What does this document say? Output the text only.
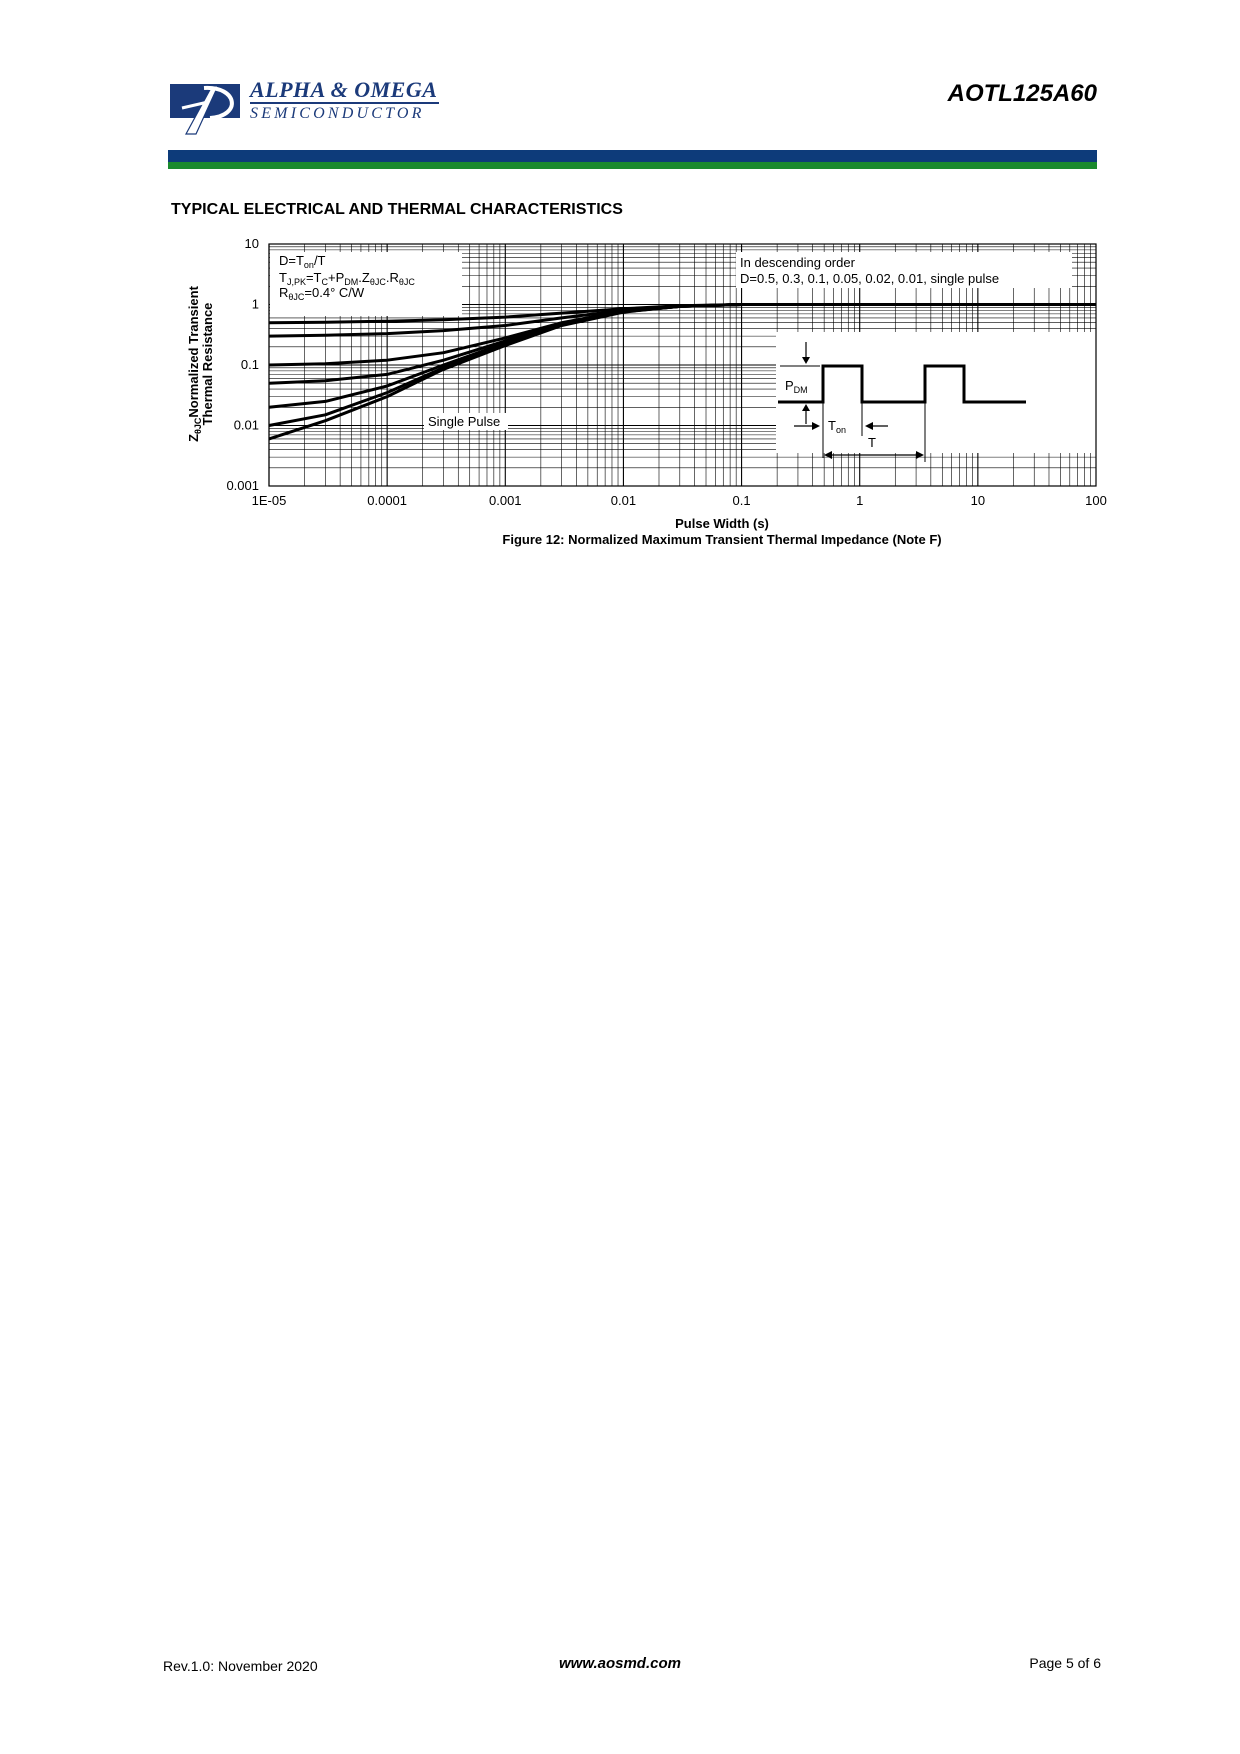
ALPHA & OMEGA
SEMICONDUCTOR
AOTL125A60
TYPICAL ELECTRICAL AND THERMAL CHARACTERISTICS
1E-05	0.0001	0.001	0.01	0.1	1	10	100
0.001
0.01
0.1
1
10
$D=T_{on}/T$
$T_{J,PK}=T_C+P_{DM}.Z_{\theta JC}.R_{\theta JC}$
$R_{\theta JC}=0.4^\circ$ C/W
In descending order
D=0.5, 0.3, 0.1, 0.05, 0.02, 0.01, single pulse
Single Pulse
$P_{DM}$
$T_{on}$
T
Pulse Width (s)
Figure 12: Normalized Maximum Transient Thermal Impedance (Note F)
$Z_{\theta JC}Normalized$ Transient Thermal Resistance
Rev.1.0: November 2020	www.aosmd.com	Page 5 of 6
